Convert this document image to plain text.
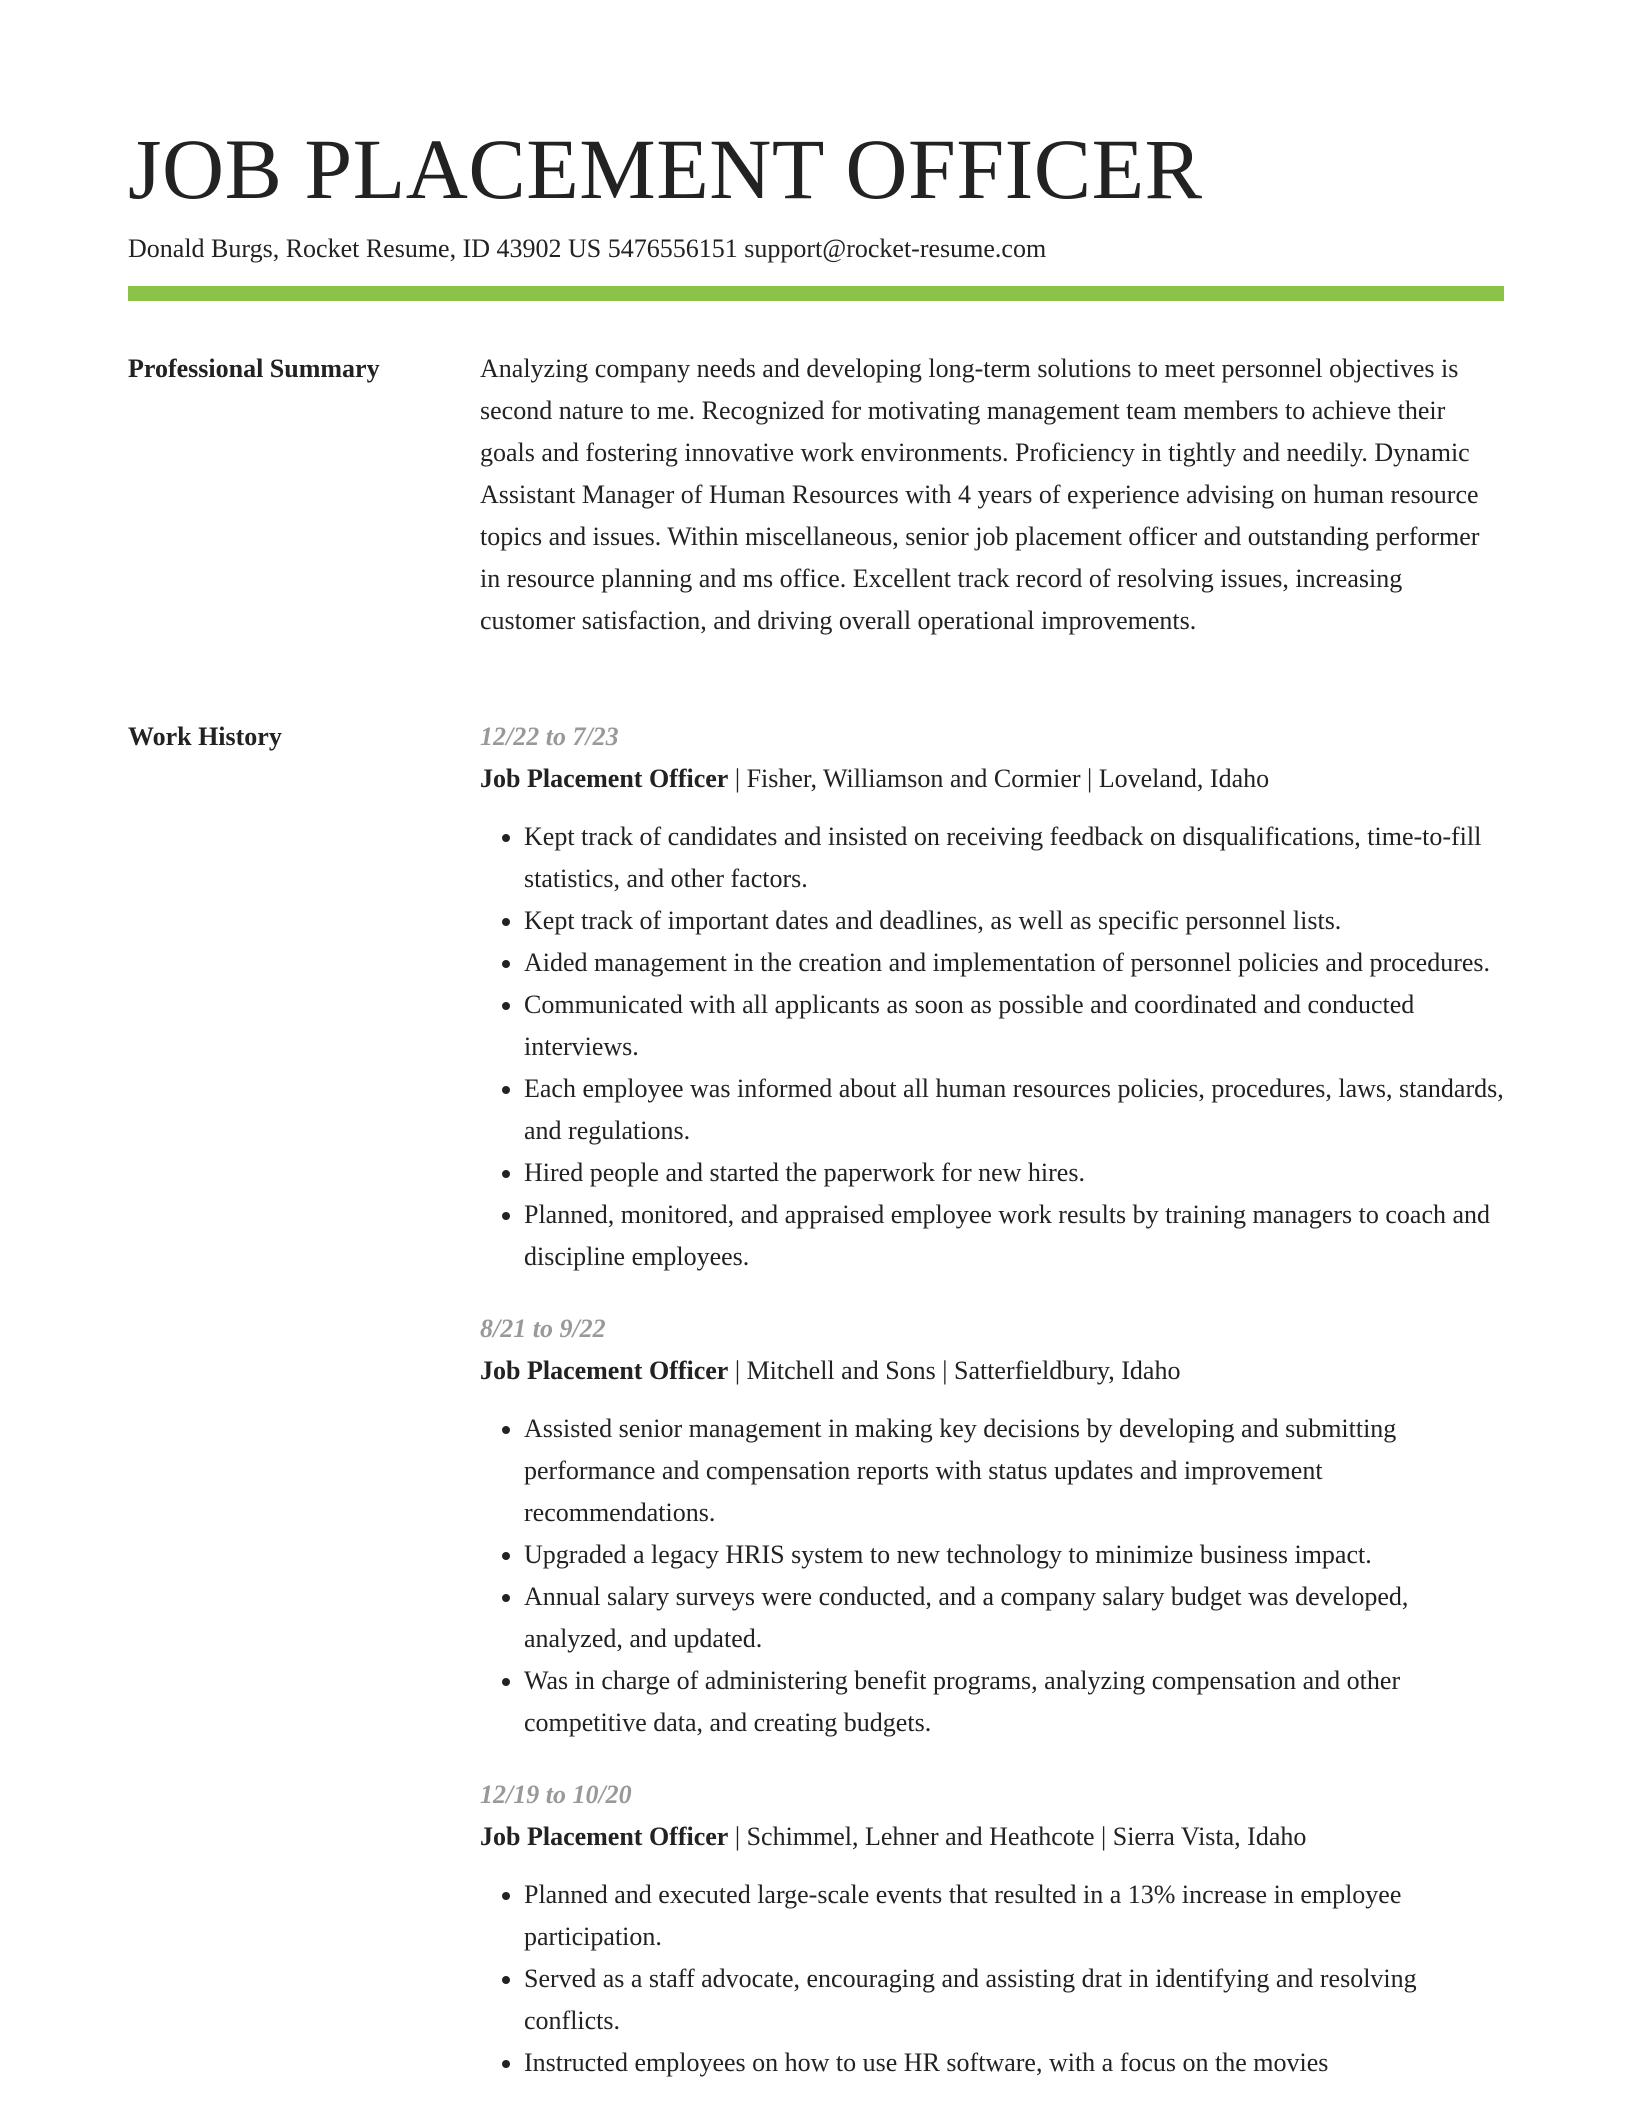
JOB PLACEMENT OFFICER
Donald Burgs, Rocket Resume, ID 43902 US 5476556151 support@rocket-resume.com
Professional Summary	Analyzing company needs and developing long-term solutions to meet personnel objectives is second nature to me. Recognized for motivating management team members to achieve their goals and fostering innovative work environments. Proficiency in tightly and needily. Dynamic Assistant Manager of Human Resources with 4 years of experience advising on human resource topics and issues. Within miscellaneous, senior job placement officer and outstanding performer in resource planning and ms office. Excellent track record of resolving issues, increasing customer satisfaction, and driving overall operational improvements.

Work History	12/22 to 7/23
Job Placement Officer | Fisher, Williamson and Cormier | Loveland, Idaho
• Kept track of candidates and insisted on receiving feedback on disqualifications, time-to-fill statistics, and other factors.
• Kept track of important dates and deadlines, as well as specific personnel lists.
• Aided management in the creation and implementation of personnel policies and procedures.
• Communicated with all applicants as soon as possible and coordinated and conducted interviews.
• Each employee was informed about all human resources policies, procedures, laws, standards, and regulations.
• Hired people and started the paperwork for new hires.
• Planned, monitored, and appraised employee work results by training managers to coach and discipline employees.
8/21 to 9/22
Job Placement Officer | Mitchell and Sons | Satterfieldbury, Idaho
• Assisted senior management in making key decisions by developing and submitting performance and compensation reports with status updates and improvement recommendations.
• Upgraded a legacy HRIS system to new technology to minimize business impact.
• Annual salary surveys were conducted, and a company salary budget was developed, analyzed, and updated.
• Was in charge of administering benefit programs, analyzing compensation and other competitive data, and creating budgets.
12/19 to 10/20
Job Placement Officer | Schimmel, Lehner and Heathcote | Sierra Vista, Idaho
• Planned and executed large-scale events that resulted in a 13% increase in employee participation.
• Served as a staff advocate, encouraging and assisting drat in identifying and resolving conflicts.
• Instructed employees on how to use HR software, with a focus on the movies
